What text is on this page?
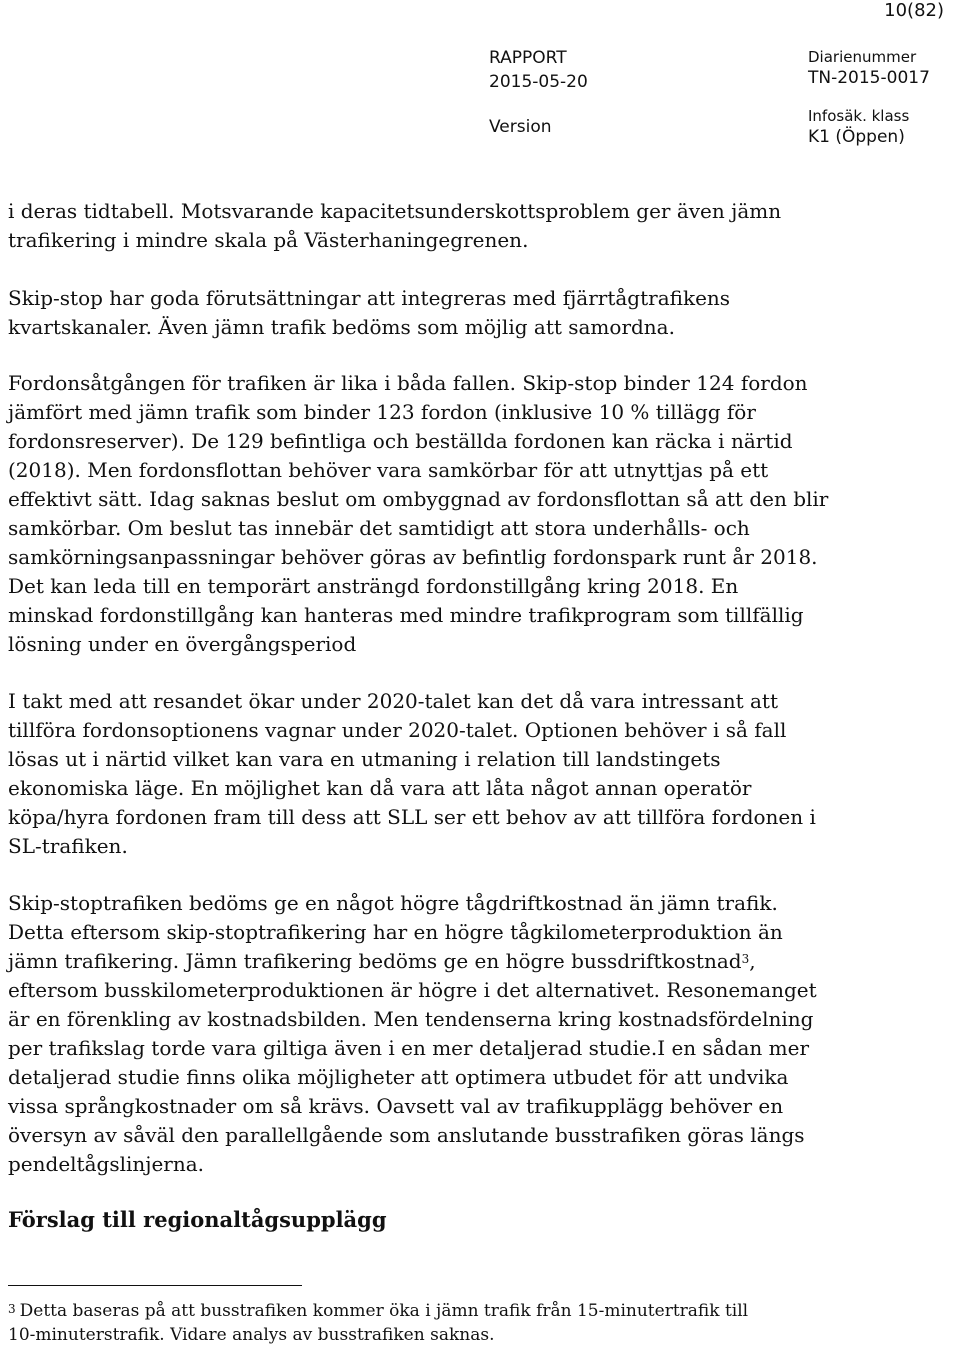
10(82)
RAPPORT
2015-05-20
Version
Diarienummer
TN-2015-0017
Infosäk. klass
K1 (Öppen)
i deras tidtabell. Motsvarande kapacitetsunderskottsproblem ger även jämn
trafikering i mindre skala på Västerhaningegrenen.
Skip-stop har goda förutsättningar att integreras med fjärrtågtrafikens
kvartskanaler. Även jämn trafik bedöms som möjlig att samordna.
Fordonsåtgången för trafiken är lika i båda fallen. Skip-stop binder 124 fordon
jämfört med jämn trafik som binder 123 fordon (inklusive 10 % tillägg för
fordonsreserver). De 129 befintliga och beställda fordonen kan räcka i närtid
(2018). Men fordonsflottan behöver vara samkörbar för att utnyttjas på ett
effektivt sätt. Idag saknas beslut om ombyggnad av fordonsflottan så att den blir
samkörbar. Om beslut tas innebär det samtidigt att stora underhålls- och
samkörningsanpassningar behöver göras av befintlig fordonspark runt år 2018.
Det kan leda till en temporärt ansträngd fordonstillgång kring 2018. En
minskad fordonstillgång kan hanteras med mindre trafikprogram som tillfällig
lösning under en övergångsperiod
I takt med att resandet ökar under 2020-talet kan det då vara intressant att
tillföra fordonsoptionens vagnar under 2020-talet. Optionen behöver i så fall
lösas ut i närtid vilket kan vara en utmaning i relation till landstingets
ekonomiska läge. En möjlighet kan då vara att låta något annan operatör
köpa/hyra fordonen fram till dess att SLL ser ett behov av att tillföra fordonen i
SL-trafiken.
Skip-stoptrafiken bedöms ge en något högre tågdriftkostnad än jämn trafik.
Detta eftersom skip-stoptrafikering har en högre tågkilometerproduktion än
jämn trafikering. Jämn trafikering bedöms ge en högre bussdriftkostnad$^3$,
eftersom busskilometerproduktionen är högre i det alternativet. Resonemanget
är en förenkling av kostnadsbilden. Men tendenserna kring kostnadsfördelning
per trafikslag torde vara giltiga även i en mer detaljerad studie.I en sådan mer
detaljerad studie finns olika möjligheter att optimera utbudet för att undvika
vissa språngkostnader om så krävs. Oavsett val av trafikupplägg behöver en
översyn av såväl den parallellgående som anslutande busstrafiken göras längs
pendeltågslinjerna.
Förslag till regionaltågsupplägg
3 Detta baseras på att busstrafiken kommer öka i jämn trafik från 15-minutertrafik till
10-minuterstrafik. Vidare analys av busstrafiken saknas.
